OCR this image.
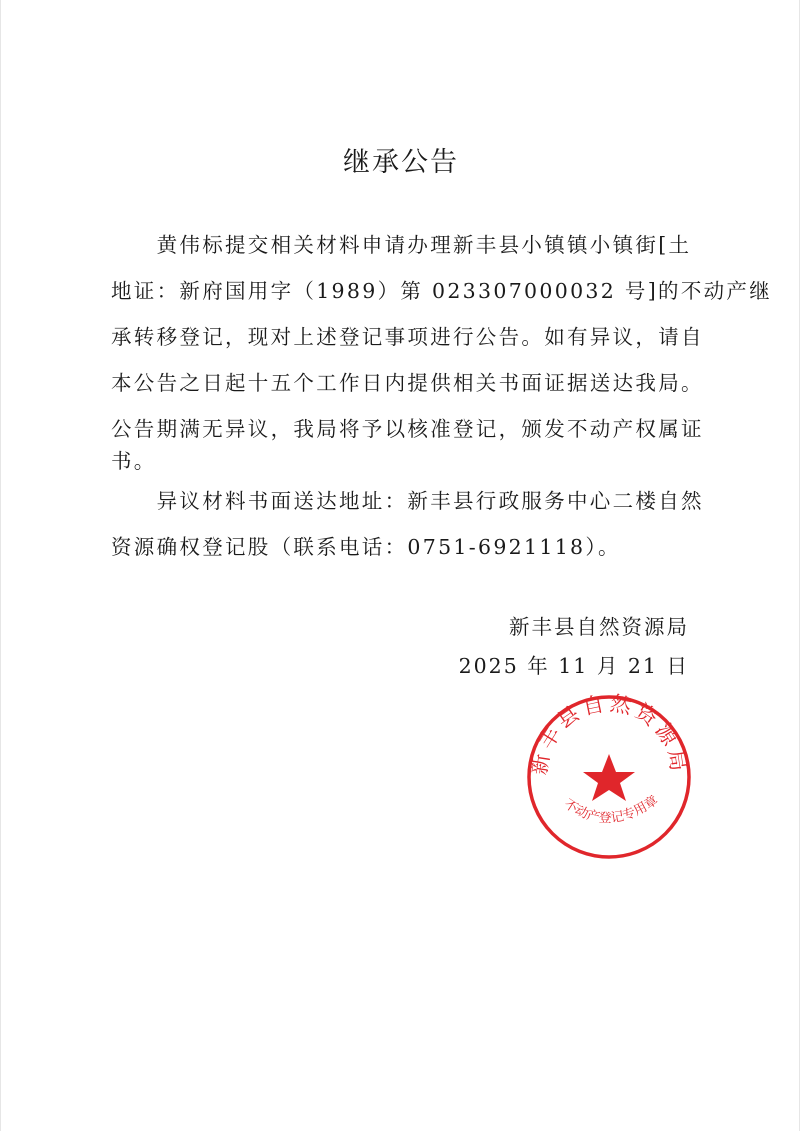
继承公告
　　黄伟标提交相关材料申请办理新丰县小镇镇小镇街[土
地证：新府国用字（1989）第 023307000032 号]的不动产继
承转移登记，现对上述登记事项进行公告。如有异议，请自
本公告之日起十五个工作日内提供相关书面证据送达我局。
公告期满无异议，我局将予以核准登记，颁发不动产权属证
书。
　　异议材料书面送达地址：新丰县行政服务中心二楼自然
资源确权登记股（联系电话：0751-6921118）。
新丰县自然资源局
2025 年 11 月 21 日
新丰县自然资源局
不动产登记专用章
